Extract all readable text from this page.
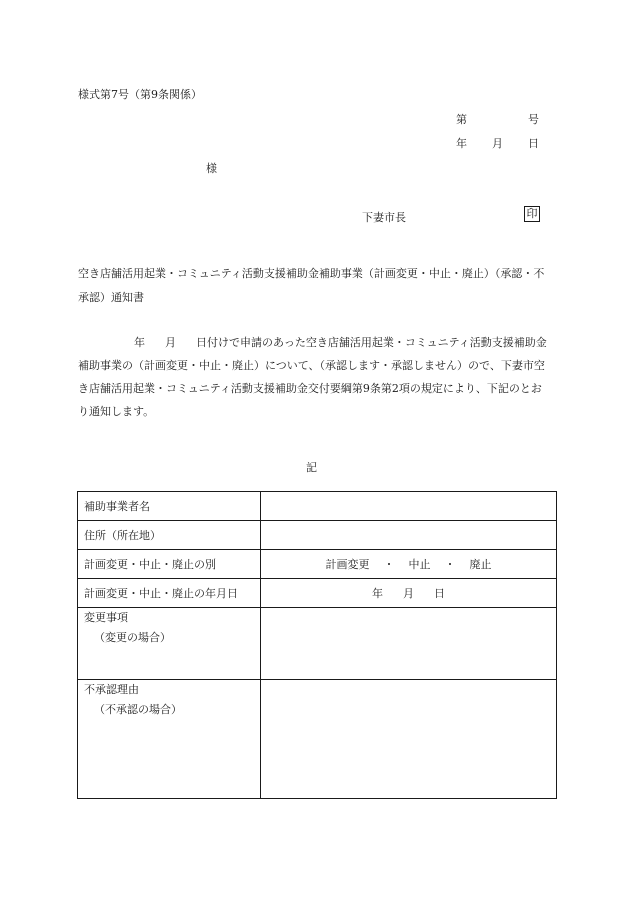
様式第7号（第9条関係）
第	号
年 月 日
様
下妻市長	印
空き店舗活用起業・コミュニティ活動支援補助金補助事業（計画変更・中止・廃止）（承認・不承認）通知書
年 月 日付けで申請のあった空き店舗活用起業・コミュニティ活動支援補助金補助事業の（計画変更・中止・廃止）について、（承認します・承認しません）ので、下妻市空き店舗活用起業・コミュニティ活動支援補助金交付要綱第9条第2項の規定により、下記のとおり通知します。
記
補助事業者名	
住所（所在地）	
計画変更・中止・廃止の別	計画変更 ・ 中止 ・ 廃止
計画変更・中止・廃止の年月日	年 月 日
変更事項
（変更の場合）	

不承認理由
（不承認の場合）	
